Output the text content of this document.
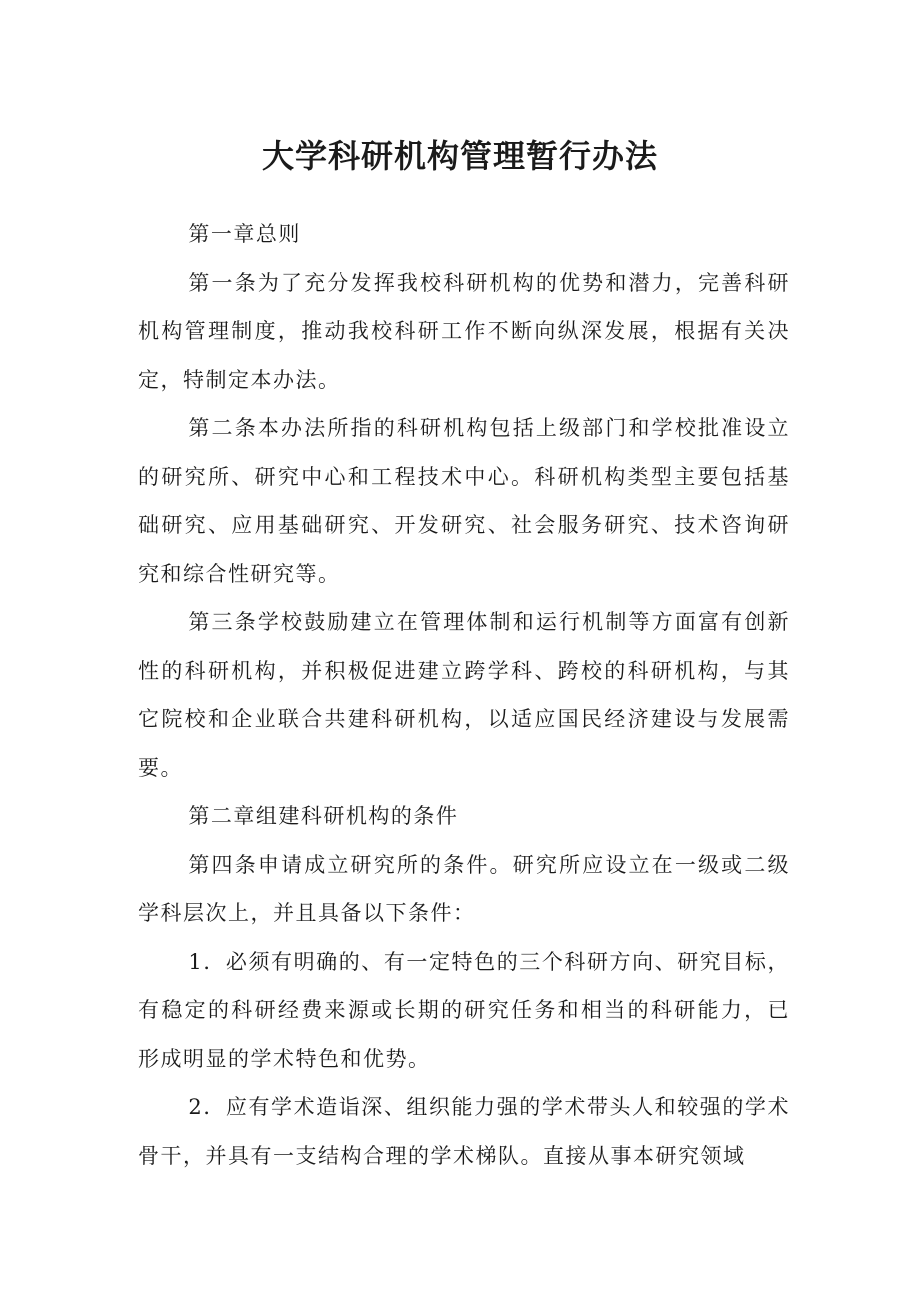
大学科研机构管理暂行办法

第一章总则

第一条为了充分发挥我校科研机构的优势和潜力，完善科研机构管理制度，推动我校科研工作不断向纵深发展，根据有关决定，特制定本办法。

第二条本办法所指的科研机构包括上级部门和学校批准设立的研究所、研究中心和工程技术中心。科研机构类型主要包括基础研究、应用基础研究、开发研究、社会服务研究、技术咨询研究和综合性研究等。

第三条学校鼓励建立在管理体制和运行机制等方面富有创新性的科研机构，并积极促进建立跨学科、跨校的科研机构，与其它院校和企业联合共建科研机构，以适应国民经济建设与发展需要。

第二章组建科研机构的条件

第四条申请成立研究所的条件。研究所应设立在一级或二级学科层次上，并且具备以下条件：

1．必须有明确的、有一定特色的三个科研方向、研究目标，有稳定的科研经费来源或长期的研究任务和相当的科研能力，已形成明显的学术特色和优势。

2．应有学术造诣深、组织能力强的学术带头人和较强的学术骨干，并具有一支结构合理的学术梯队。直接从事本研究领域
